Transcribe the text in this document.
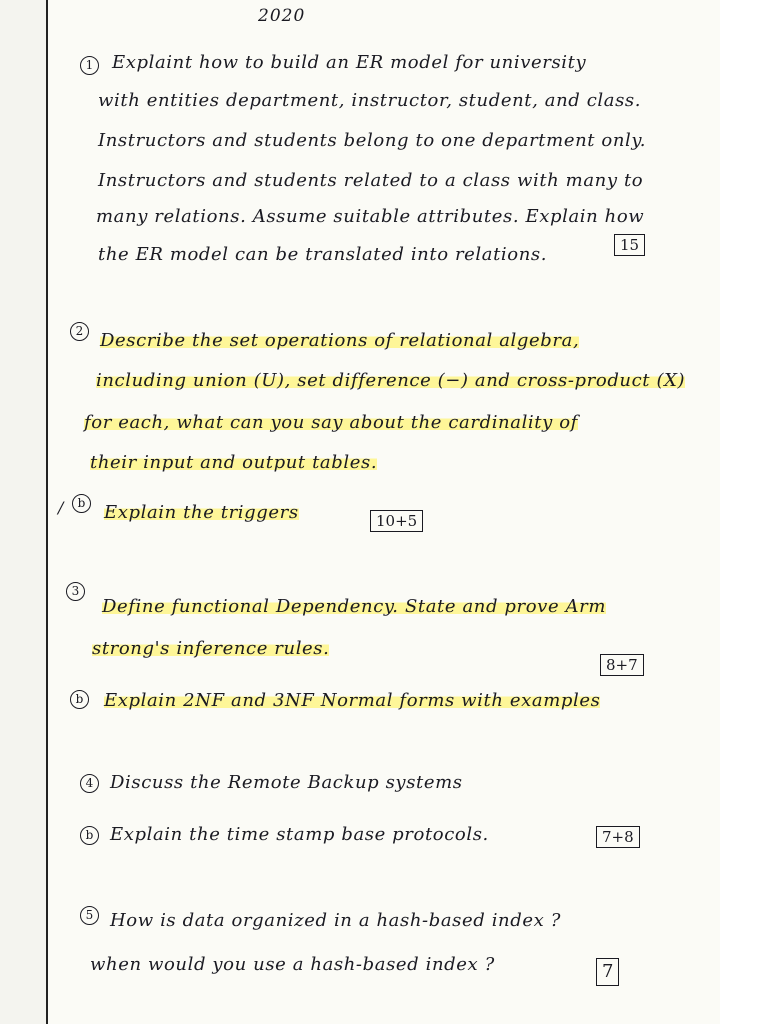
2020
1	Explaint how to build an ER model for university
with entities department, instructor, student, and class.
Instructors and students belong to one department only.
Instructors and students related to a class with many to
many relations. Assume suitable attributes. Explain how
the ER model can be translated into relations.	15
2 Describe the set operations of relational algebra,
including union (U), set difference (−) and cross-product (X)
for each, what can you say about the cardinality of
their input and output tables.
/	b	Explain the triggers	10+5
3
Define functional Dependency. State and prove Arm
strong's inference rules.
8+7
b	Explain 2NF and 3NF Normal forms with examples
4 Discuss the Remote Backup systems
b Explain the time stamp base protocols.	7+8
5 How is data organized in a hash-based index ?
when would you use a hash-based index ?	7
